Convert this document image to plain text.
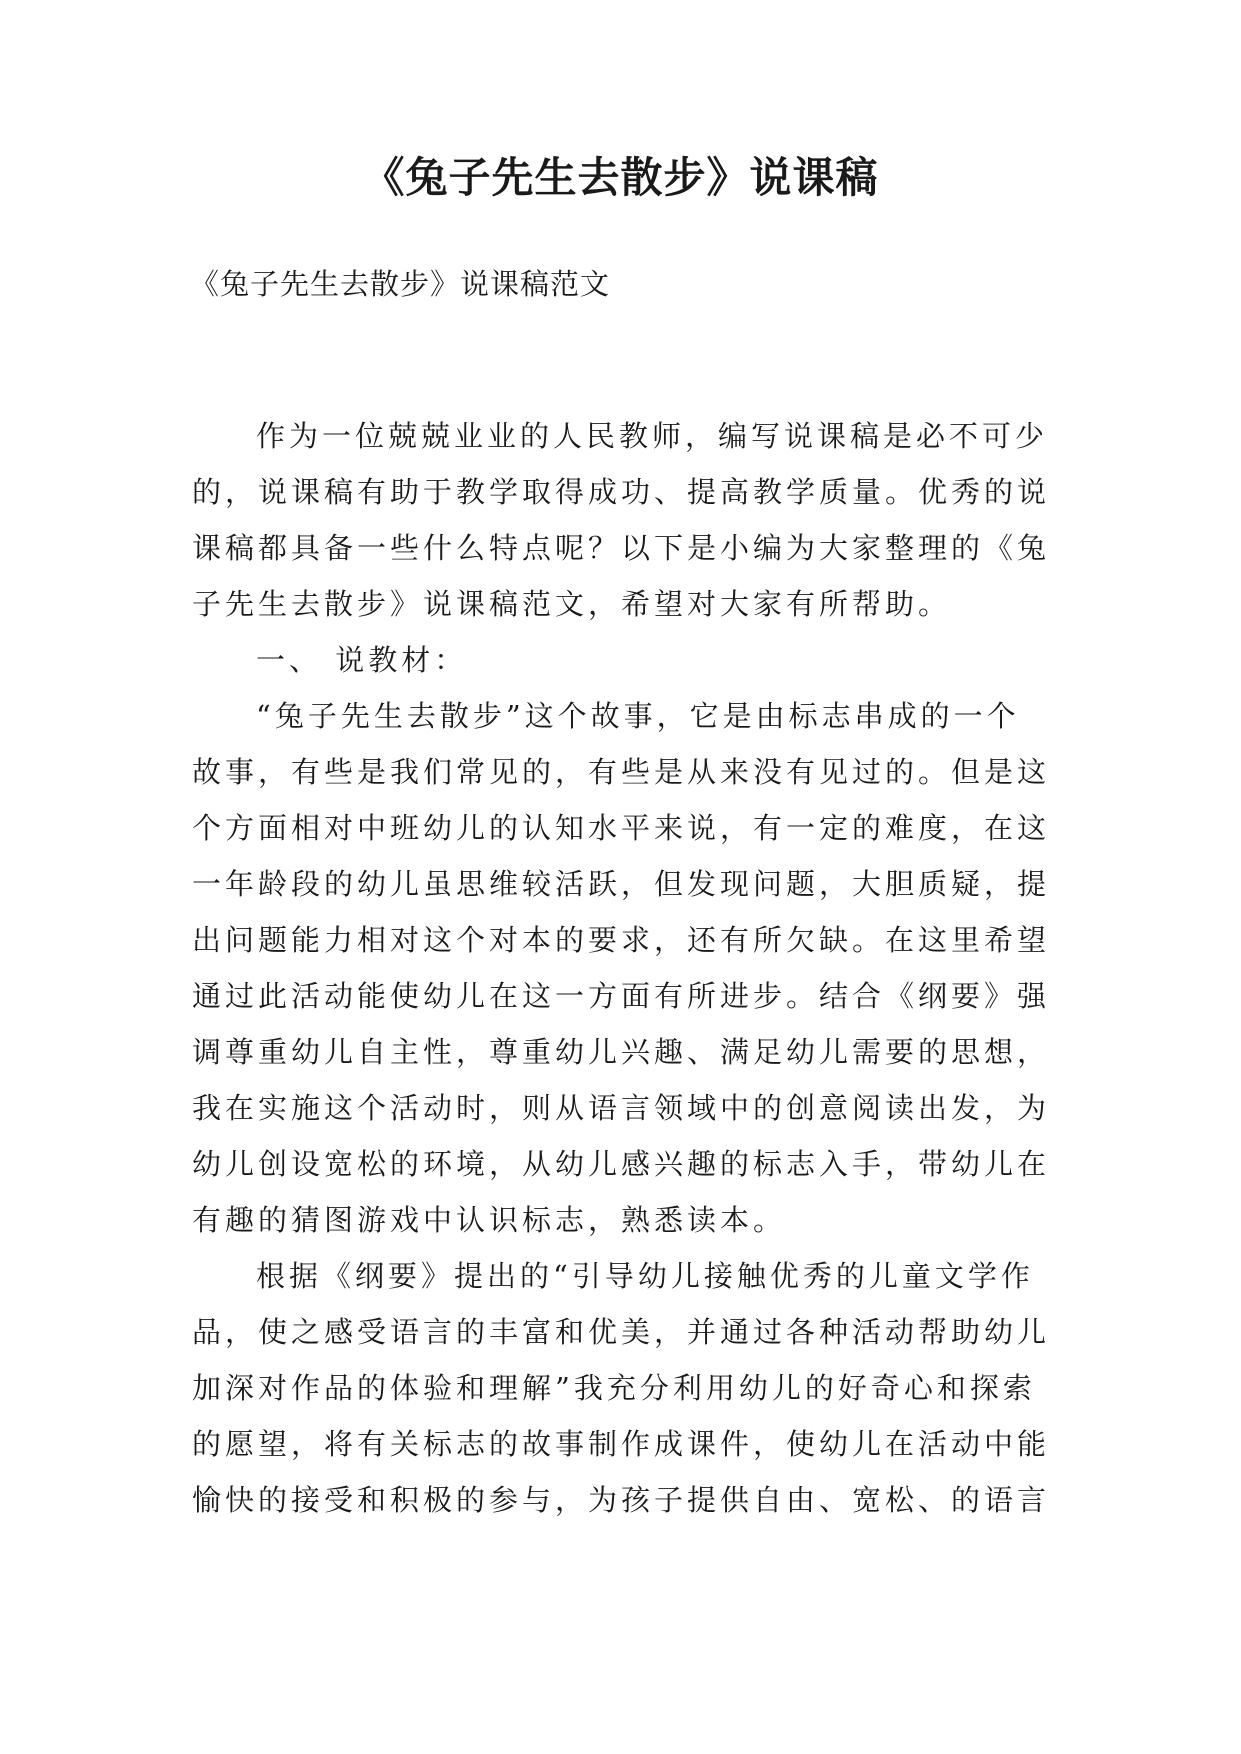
《兔子先生去散步》说课稿
《兔子先生去散步》说课稿范文
作为一位兢兢业业的人民教师，编写说课稿是必不可少
的，说课稿有助于教学取得成功、提高教学质量。优秀的说
课稿都具备一些什么特点呢？以下是小编为大家整理的《兔
子先生去散步》说课稿范文，希望对大家有所帮助。
一、 说教材：
“兔子先生去散步”这个故事，它是由标志串成的一个
故事，有些是我们常见的，有些是从来没有见过的。但是这
个方面相对中班幼儿的认知水平来说，有一定的难度，在这
一年龄段的幼儿虽思维较活跃，但发现问题，大胆质疑，提
出问题能力相对这个对本的要求，还有所欠缺。在这里希望
通过此活动能使幼儿在这一方面有所进步。结合《纲要》强
调尊重幼儿自主性，尊重幼儿兴趣、满足幼儿需要的思想，
我在实施这个活动时，则从语言领域中的创意阅读出发，为
幼儿创设宽松的环境，从幼儿感兴趣的标志入手，带幼儿在
有趣的猜图游戏中认识标志，熟悉读本。
根据《纲要》提出的“引导幼儿接触优秀的儿童文学作
品，使之感受语言的丰富和优美，并通过各种活动帮助幼儿
加深对作品的体验和理解”我充分利用幼儿的好奇心和探索
的愿望，将有关标志的故事制作成课件，使幼儿在活动中能
愉快的接受和积极的参与，为孩子提供自由、宽松、的语言
